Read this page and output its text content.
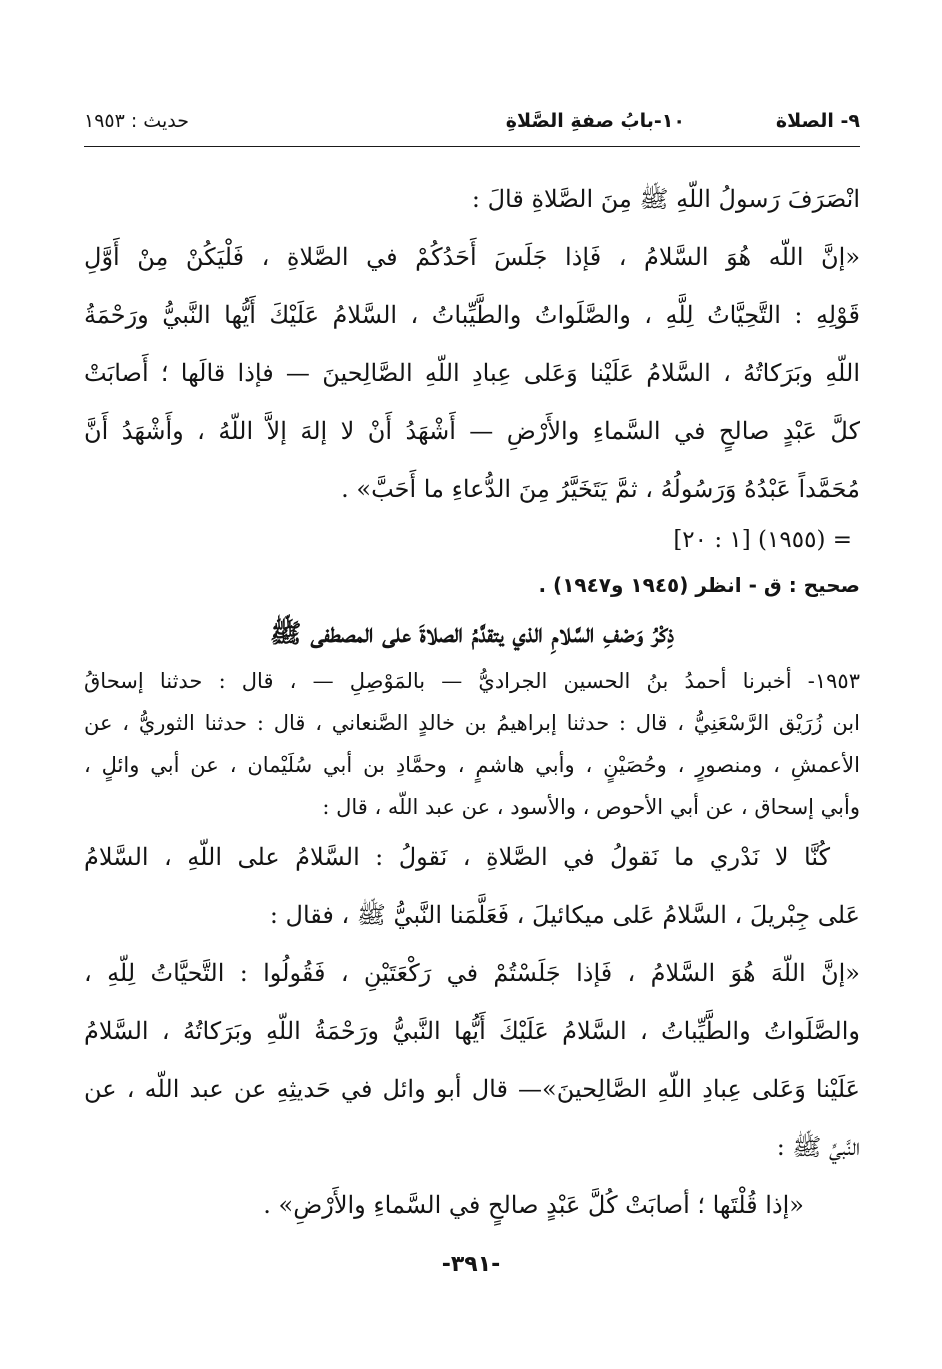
٩- الصلاة
١٠-بابُ صفةِ الصَّلاةِ
حديث : ١٩٥٣
انْصَرَفَ رَسولُ اللّهِ ﷺ مِنَ الصَّلاةِ قالَ :
«إنَّ اللّه هُوَ السَّلامُ ، فَإذا جَلَسَ أَحَدُكُمْ في الصَّلاةِ ، فَلْيَكُنْ مِنْ أَوَّلِ
قَوْلِهِ : التَّحِيَّاتُ لِلَّهِ ، والصَّلَواتُ والطَّيِّباتُ ، السَّلامُ عَلَيْكَ أَيُّها النَّبيُّ ورَحْمَةُ
اللّهِ وبَرَكاتُهُ ، السَّلامُ عَلَيْنا وَعَلى عِبادِ اللّهِ الصَّالِحينَ — فإذا قالَها ؛ أَصابَتْ
كلَّ عَبْدٍ صالحٍ في السَّماءِ والأَرْضِ — أَشْهَدُ أَنْ لا إلهَ إلاَّ اللّهُ ، وأَشْهَدُ أَنَّ
مُحَمَّداً عَبْدُهُ وَرَسُولُهُ ، ثمَّ يَتَخَيَّرُ مِنَ الدُّعاءِ ما أَحَبَّ» .
= (١٩٥٥) [١ : ٢٠]
صحيح : ق - انظر (١٩٤٥ و١٩٤٧) .
ذِكْرُ وَصْفِ السَّلامِ الذي يتقدَّمُ الصلاةَ على المصطفى ﷺ
١٩٥٣- أخبرنا أحمدُ بنُ الحسين الجراديُّ — بالمَوْصِلِ — ، قال : حدثنا إسحاقُ
ابن زُرَيْق الرَّسْعَنِيُّ ، قال : حدثنا إبراهيمُ بن خالدٍ الصَّنعاني ، قال : حدثنا الثوريُّ ، عن
الأعمشِ ، ومنصورٍ ، وحُصَيْنٍ ، وأبي هاشمٍ ، وحمَّادِ بن أبي سُلَيْمان ، عن أبي وائلٍ ،
وأبي إسحاق ، عن أبي الأحوص ، والأسود ، عن عبد اللّه ، قال :
كُنَّا لا نَدْري ما نَقولُ في الصَّلاةِ ، نَقولُ : السَّلامُ على اللّهِ ، السَّلامُ
عَلى جِبْريلَ ، السَّلامُ عَلى ميكائيلَ ، فَعَلَّمَنا النَّبيُّ ﷺ ، فقال :
«إنَّ اللّهَ هُوَ السَّلامُ ، فَإذا جَلَسْتُمْ في رَكْعَتَيْنِ ، فَقُولُوا : التَّحيَّاتُ لِلّهِ ،
والصَّلَواتُ والطَّيِّباتُ ، السَّلامُ عَلَيْكَ أَيُّها النَّبيُّ ورَحْمَةُ اللّهِ وبَرَكاتُهُ ، السَّلامُ
عَلَيْنا وَعَلى عِبادِ اللّهِ الصَّالِحينَ»— قال أبو وائل في حَديثِهِ عن عبد اللّه ، عن
النَّبيِّ ﷺ :
«إذا قُلْتَها ؛ أصابَتْ كُلَّ عَبْدٍ صالحٍ في السَّماءِ والأَرْضِ» .
-٣٩١-
